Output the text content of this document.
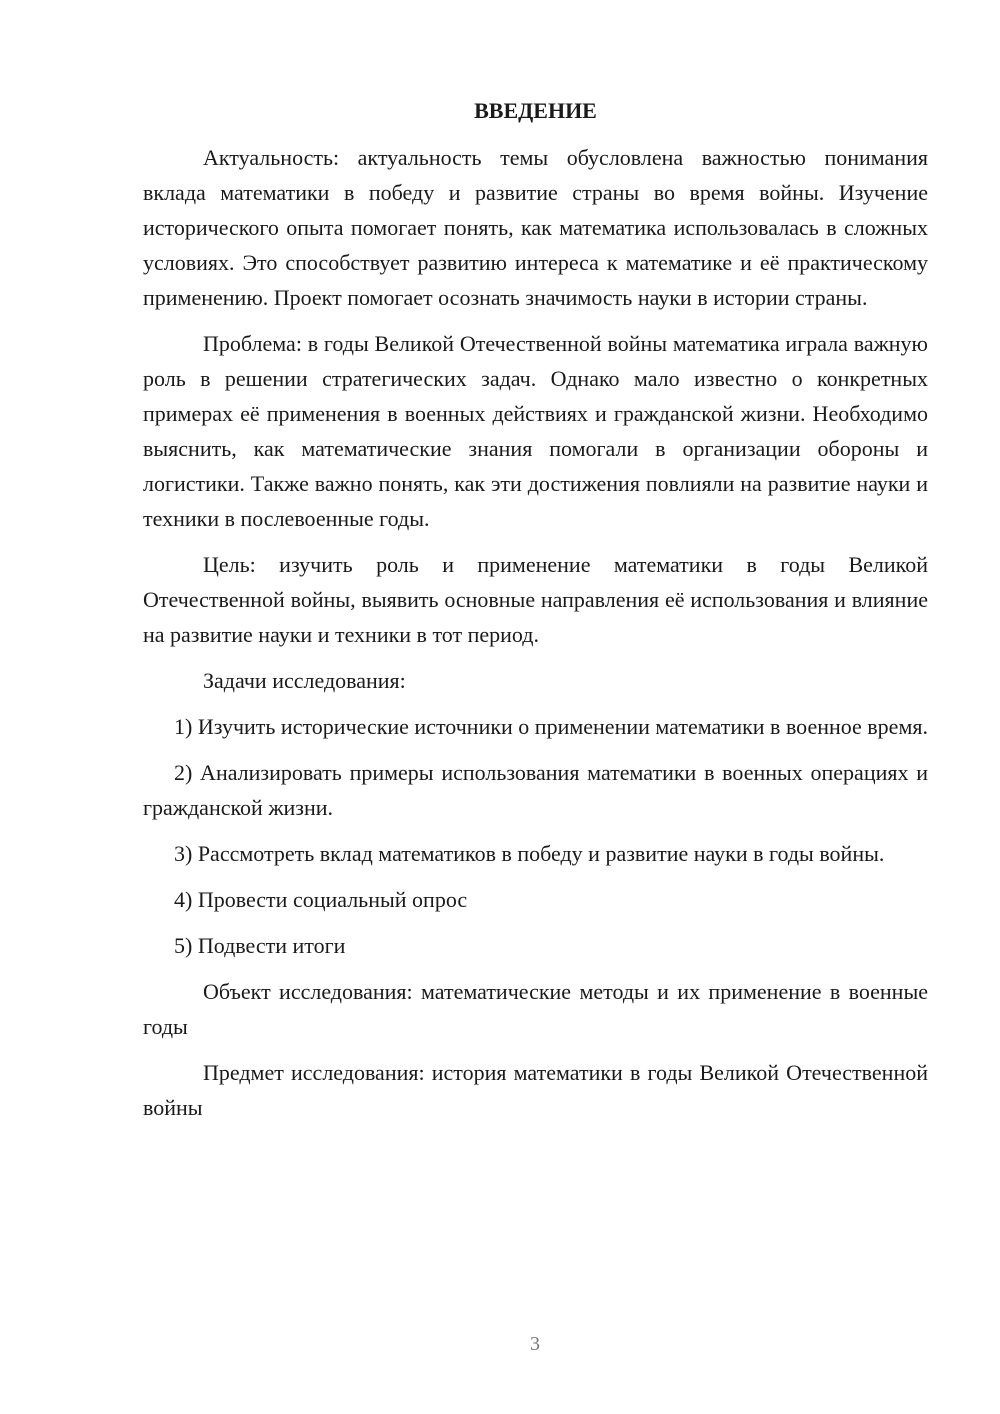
ВВЕДЕНИЕ

Актуальность: актуальность темы обусловлена важностью понимания вклада математики в победу и развитие страны во время войны. Изучение исторического опыта помогает понять, как математика использовалась в сложных условиях. Это способствует развитию интереса к математике и её практическому применению. Проект помогает осознать значимость науки в истории страны.

Проблема: в годы Великой Отечественной войны математика играла важную роль в решении стратегических задач. Однако мало известно о конкретных примерах её применения в военных действиях и гражданской жизни. Необходимо выяснить, как математические знания помогали в организации обороны и логистики. Также важно понять, как эти достижения повлияли на развитие науки и техники в послевоенные годы.

Цель: изучить роль и применение математики в годы Великой Отечественной войны, выявить основные направления её использования и влияние на развитие науки и техники в тот период.

Задачи исследования:

1) Изучить исторические источники о применении математики в военное время.

2) Анализировать примеры использования математики в военных операциях и гражданской жизни.

3) Рассмотреть вклад математиков в победу и развитие науки в годы войны.

4) Провести социальный опрос

5) Подвести итоги

Объект исследования: математические методы и их применение в военные годы

Предмет исследования: история математики в годы Великой Отечественной войны

3
